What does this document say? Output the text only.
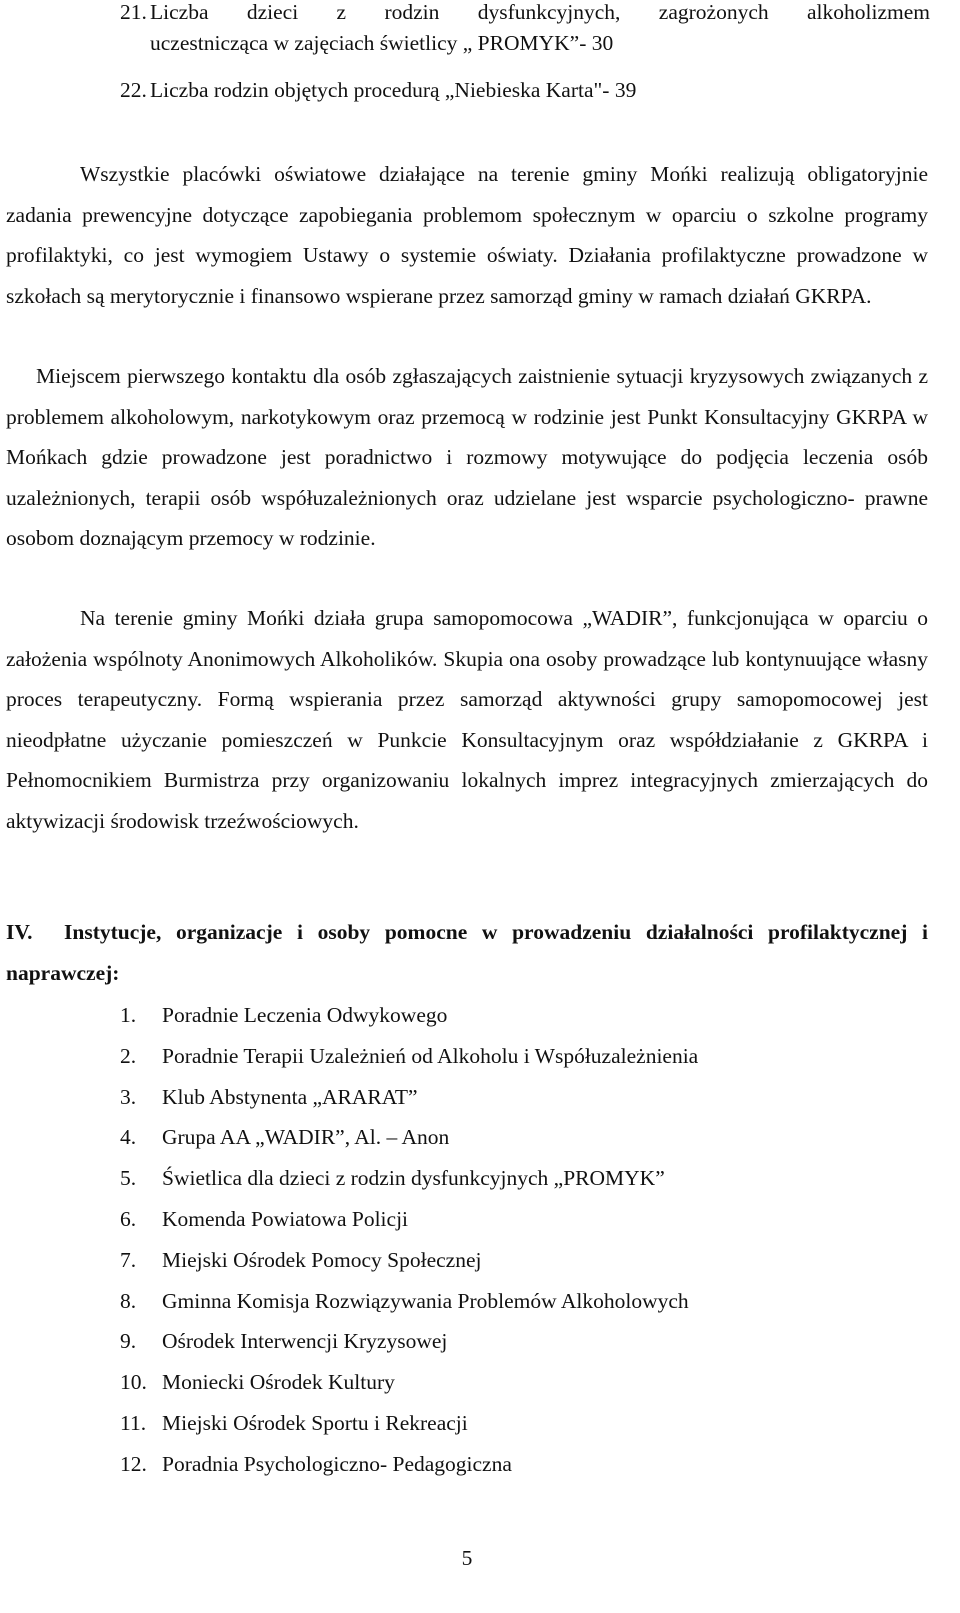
21. Liczba dzieci z rodzin dysfunkcyjnych, zagrożonych alkoholizmem
uczestnicząca w zajęciach świetlicy „ PROMYK”- 30
22. Liczba rodzin objętych procedurą „Niebieska Karta"- 39

Wszystkie placówki oświatowe działające na terenie gminy Mońki realizują obligatoryjnie zadania prewencyjne dotyczące zapobiegania problemom społecznym w oparciu o szkolne programy profilaktyki, co jest wymogiem Ustawy o systemie oświaty. Działania profilaktyczne prowadzone w szkołach są merytorycznie i finansowo wspierane przez samorząd gminy w ramach działań GKRPA.

Miejscem pierwszego kontaktu dla osób zgłaszających zaistnienie sytuacji kryzysowych związanych z problemem alkoholowym, narkotykowym oraz przemocą w rodzinie jest Punkt Konsultacyjny GKRPA w Mońkach gdzie prowadzone jest poradnictwo i rozmowy motywujące do podjęcia leczenia osób uzależnionych, terapii osób współuzależnionych oraz udzielane jest wsparcie psychologiczno- prawne osobom doznającym przemocy w rodzinie.

Na terenie gminy Mońki działa grupa samopomocowa „WADIR”, funkcjonująca w oparciu o założenia wspólnoty Anonimowych Alkoholików. Skupia ona osoby prowadzące lub kontynuujące własny proces terapeutyczny. Formą wspierania przez samorząd aktywności grupy samopomocowej jest nieodpłatne użyczanie pomieszczeń w Punkcie Konsultacyjnym oraz współdziałanie z GKRPA i Pełnomocnikiem Burmistrza przy organizowaniu lokalnych imprez integracyjnych zmierzających do aktywizacji środowisk trzeźwościowych.

IV. Instytucje, organizacje i osoby pomocne w prowadzeniu działalności profilaktycznej i naprawczej:
1. Poradnie Leczenia Odwykowego
2. Poradnie Terapii Uzależnień od Alkoholu i Współuzależnienia
3. Klub Abstynenta „ARARAT”
4. Grupa AA „WADIR”, Al. – Anon
5. Świetlica dla dzieci z rodzin dysfunkcyjnych „PROMYK”
6. Komenda Powiatowa Policji
7. Miejski Ośrodek Pomocy Społecznej
8. Gminna Komisja Rozwiązywania Problemów Alkoholowych
9. Ośrodek Interwencji Kryzysowej
10. Moniecki Ośrodek Kultury
11. Miejski Ośrodek Sportu i Rekreacji
12. Poradnia Psychologiczno- Pedagogiczna
5
